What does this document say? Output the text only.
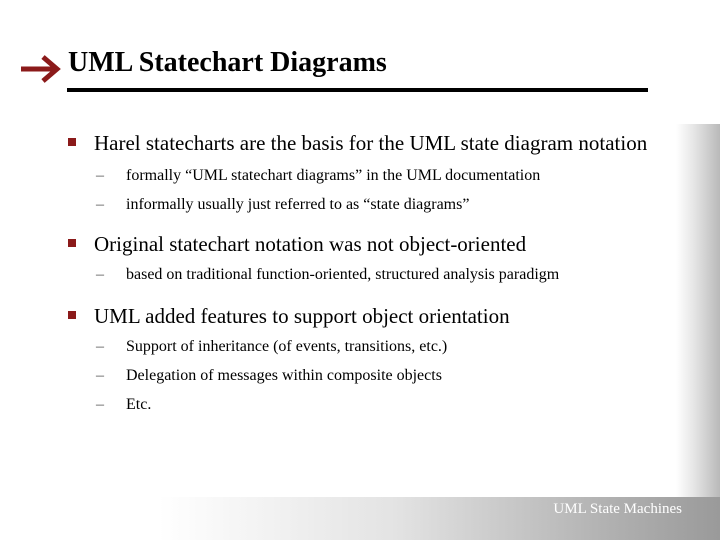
UML Statechart Diagrams
Harel statecharts are the basis for the UML state diagram notation
– formally “UML statechart diagrams” in the UML documentation
– informally usually just referred to as “state diagrams”
Original statechart notation was not object-oriented
– based on traditional function-oriented, structured analysis paradigm
UML added features to support object orientation
– Support of inheritance (of events, transitions, etc.)
– Delegation of messages within composite objects
– Etc.
UML State Machines
